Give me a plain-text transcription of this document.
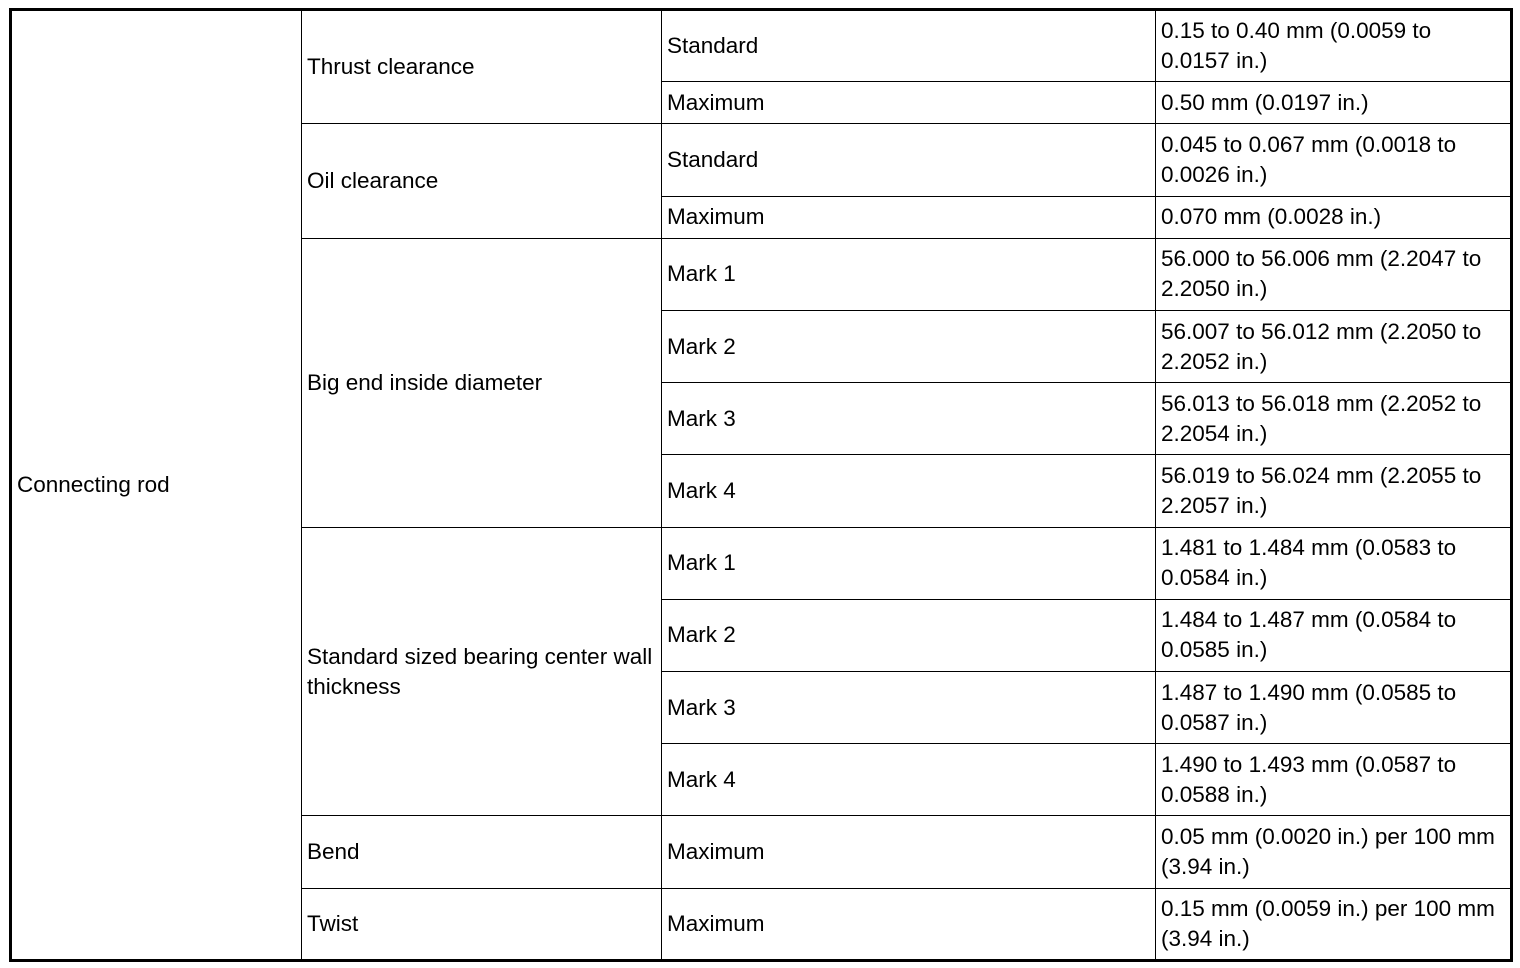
Connecting rod	Thrust clearance	Standard	0.15 to 0.40 mm (0.0059 to 0.0157 in.)
		Maximum	0.50 mm (0.0197 in.)
	Oil clearance	Standard	0.045 to 0.067 mm (0.0018 to 0.0026 in.)
		Maximum	0.070 mm (0.0028 in.)
	Big end inside diameter	Mark 1	56.000 to 56.006 mm (2.2047 to 2.2050 in.)
		Mark 2	56.007 to 56.012 mm (2.2050 to 2.2052 in.)
		Mark 3	56.013 to 56.018 mm (2.2052 to 2.2054 in.)
		Mark 4	56.019 to 56.024 mm (2.2055 to 2.2057 in.)
	Standard sized bearing center wall thickness	Mark 1	1.481 to 1.484 mm (0.0583 to 0.0584 in.)
		Mark 2	1.484 to 1.487 mm (0.0584 to 0.0585 in.)
		Mark 3	1.487 to 1.490 mm (0.0585 to 0.0587 in.)
		Mark 4	1.490 to 1.493 mm (0.0587 to 0.0588 in.)
	Bend	Maximum	0.05 mm (0.0020 in.) per 100 mm (3.94 in.)
	Twist	Maximum	0.15 mm (0.0059 in.) per 100 mm (3.94 in.)
